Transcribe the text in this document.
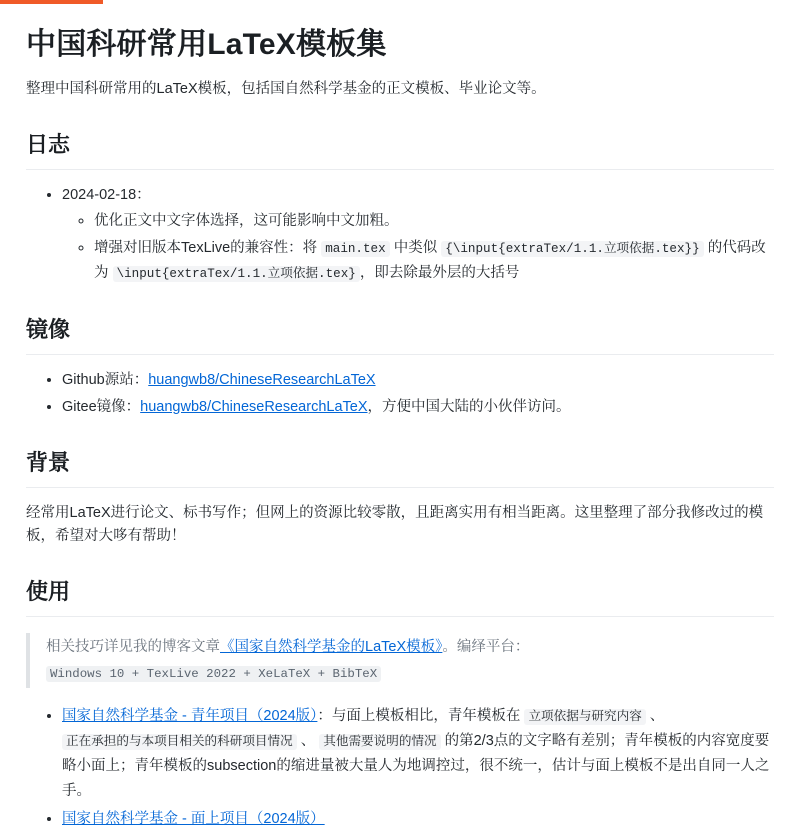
中国科研常用LaTeX模板集

整理中国科研常用的LaTeX模板，包括国自然科学基金的正文模板、毕业论文等。

日志
• 2024-02-18：
◦ 优化正文中文字体选择，这可能影响中文加粗。
◦ 增强对旧版本TexLive的兼容性：将 main.tex 中类似 {\input{extraTex/1.1.立项依据.tex}} 的代码改为 \input{extraTex/1.1.立项依据.tex} ，即去除最外层的大括号
镜像
• Github源站：huangwb8/ChineseResearchLaTeX
• Gitee镜像：huangwb8/ChineseResearchLaTeX，方便中国大陆的小伙伴访问。
背景

经常用LaTeX进行论文、标书写作；但网上的资源比较零散，且距离实用有相当距离。这里整理了部分我修改过的模板，希望对大哆有帮助！

使用

相关技巧详见我的博客文章《国家自然科学基金的LaTeX模板》。编绎平台： Windows 10 + TexLive 2022 + XeLaTeX + BibTeX

• 国家自然科学基金 - 青年项目（2024版）：与面上模板相比，青年模板在 立项依据与研究内容 、 正在承担的与本项目相关的科研项目情况 、 其他需要说明的情况 的第2/3点的文字略有差别；青年模板的内容宽度要略小面上；青年模板的subsection的缩进量被大量人为地调控过，很不统一，估计与面上模板不是出自同一人之手。
• 国家自然科学基金 - 面上项目（2024版）
